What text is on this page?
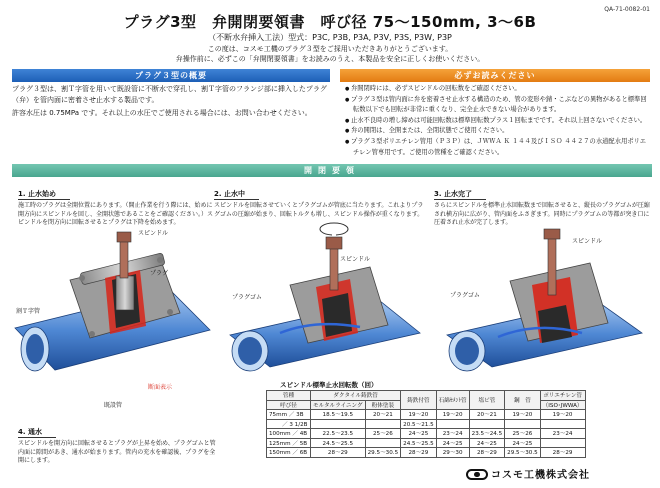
QA-71-0082-01
プラグ3型　弁開閉要領書　呼び径 75～150mm, 3～6B
（不断水弁挿入工法）型式：P3C, P3B, P3A, P3V, P3S, P3W, P3P
この度は、コスモ工機のプラグ３型をご採用いただきありがとうございます。
弁操作前に、必ずこの「弁開閉要領書」をお読みのうえ、本製品を安全に正しくお使いください。
プラグ３型の概要	必ずお読みください

プラグ３型は、割Ｔ字管を用いて既設管に不断水で穿孔し、割Ｔ字管のフランジ部に挿入したプラグ（弁）を管内面に密着させ止水する製品です。

許容水圧は 0.75MPa です。それ以上の水圧でご使用される場合には、お問い合わせください。

● 弁開閉時には、必ずスピンドルの回転数をご確認ください。
● プラグ３型は管内面に弁を密着させ止水する構造のため、管の変形や錆・こぶなどの異物があると標準回転数以下でも回転が非常に重くなり、完全止水できない場合があります。
● 止水不良時の増し締めは可能回転数は標準回転数プラス１回転までです。それ以上回さないでください。
● 弁の開閉は、全開または、全閉状態でご使用ください。
● プラグ３型ポリエチレン管用（Ｐ３Ｐ）は、ＪＷＷＡ Ｋ １４４及びＩＳＯ ４４２７の水道配水用ポリエチレン管専用です。ご使用の管種をご確認ください。
開閉要領
1. 止水始め
施工時のプラグは全開位置にあります。（開止作業を行う際には、始めに開方向にスピンドルを回し、全開状態であることをご確認ください。）スピンドルを閉方向に回転させるとプラグは下降を始めます。
2. 止水中
スピンドルを回転させていくとプラグゴムが管底に当たります。これよりプラグゴムの圧縮が始まり、回転トルクも増し、スピンドル操作が重くなります。
3. 止水完了
さらにスピンドルを標準止水回転数まで回転させると、縦長のプラグゴムが圧縮され横方向に広がり、管内面をふさぎます。同時にプラグゴムの等都が突き口に圧着され止水が完了します。
スピンドル
プラグ
割Ｔ字管
断面表示
既設管
スピンドル
プラグゴム
スピンドル
プラグゴム
4. 通水
スピンドルを開方向に回転させるとプラグが上昇を始め、プラグゴムと管内面に隙間があき、通水が始まります。管内の充水を確認後、プラグを全開にします。
スピンドル標準止水回転数（回）
管種	ダクタイル鋳鉄管		鋳鉄付管	石綿ｾﾒﾝﾄ管	塩ビ管	鋼　管	ポリエチレン管
呼び径	モルタルライニング	粉体塗装					（ISO･JWWA）
75mm ／ 3B	18.5～19.5	20～21	19～20	19～20	20～21	19～20	19～20
　　 ／ 3 1/2B			20.5～21.5				
100mm ／ 4B	22.5～23.5	25～26	24～25	23～24	23.5～24.5	25～26	23～24
125mm ／ 5B	24.5～25.5		24.5～25.5	24～25	24～25	24～25	
150mm ／ 6B	28～29	29.5～30.5	28～29	29～30	28～29	29.5～30.5	28～29
コスモ工機株式会社
